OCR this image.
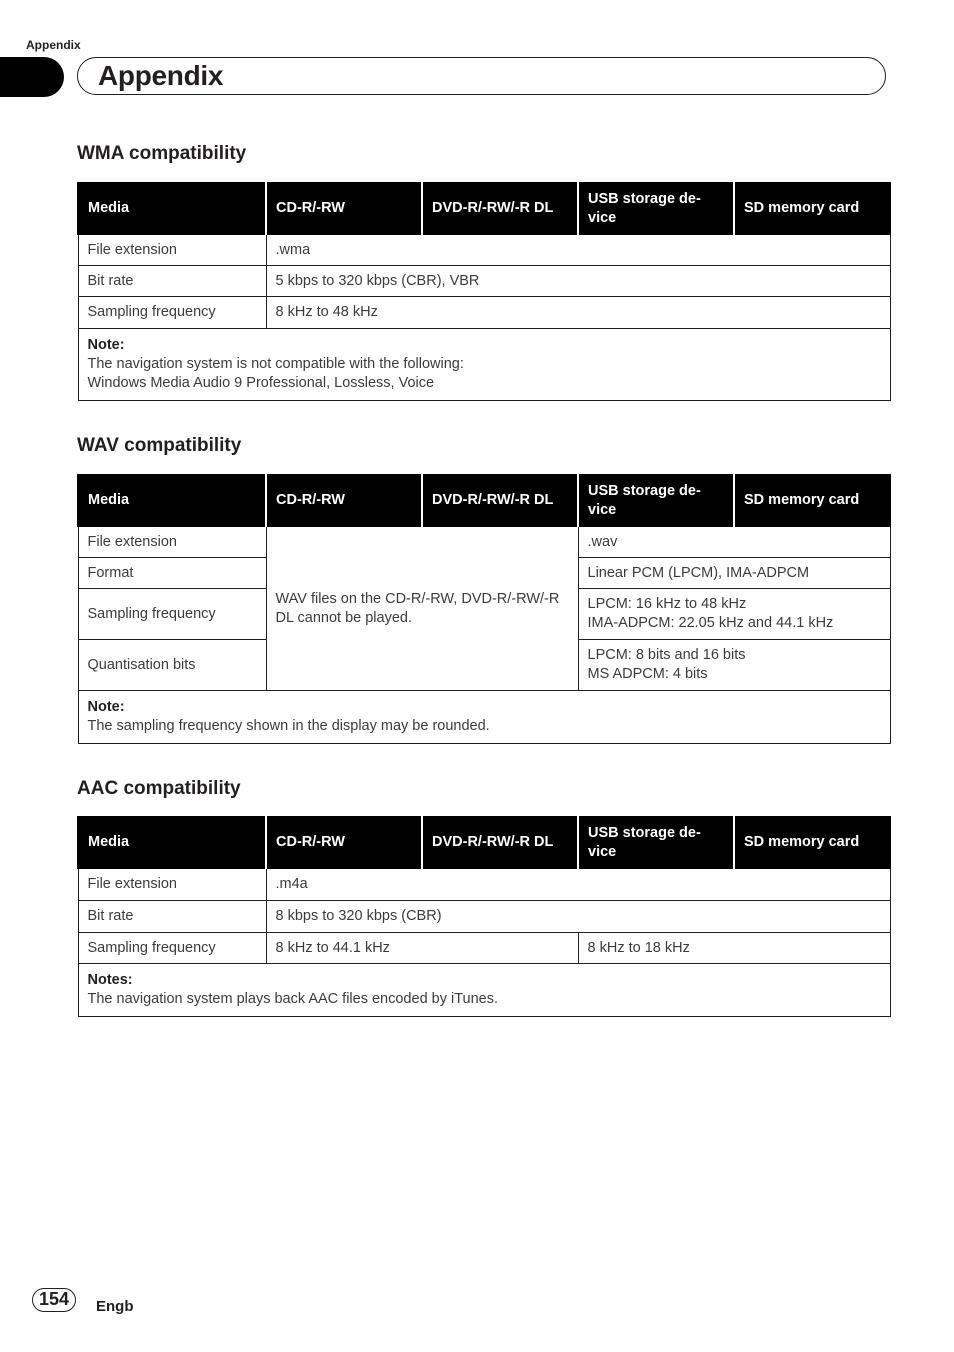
Appendix
Appendix
WMA compatibility
Media	CD-R/-RW	DVD-R/-RW/-R DL	USB storage de-vice	SD memory card
File extension	.wma			
Bit rate	5 kbps to 320 kbps (CBR), VBR			
Sampling frequency	8 kHz to 48 kHz			

Note:
The navigation system is not compatible with the following:
Windows Media Audio 9 Professional, Lossless, Voice				
WAV compatibility
Media	CD-R/-RW	DVD-R/-RW/-R DL	USB storage de-vice	SD memory card
File extension	WAV files on the CD-R/-RW, DVD-R/-RW/-R DL cannot be played.		.wav	
Format			Linear PCM (LPCM), IMA-ADPCM	
Sampling frequency			LPCM: 16 kHz to 48 kHz
IMA-ADPCM: 22.05 kHz and 44.1 kHz	

Quantisation bits			LPCM: 8 bits and 16 bits
MS ADPCM: 4 bits	

Note:
The sampling frequency shown in the display may be rounded.				
AAC compatibility
Media	CD-R/-RW	DVD-R/-RW/-R DL	USB storage de-vice	SD memory card
File extension	.m4a			
Bit rate	8 kbps to 320 kbps (CBR)			
Sampling frequency	8 kHz to 44.1 kHz		8 kHz to 18 kHz	

Notes:
The navigation system plays back AAC files encoded by iTunes.				
154	Engb
